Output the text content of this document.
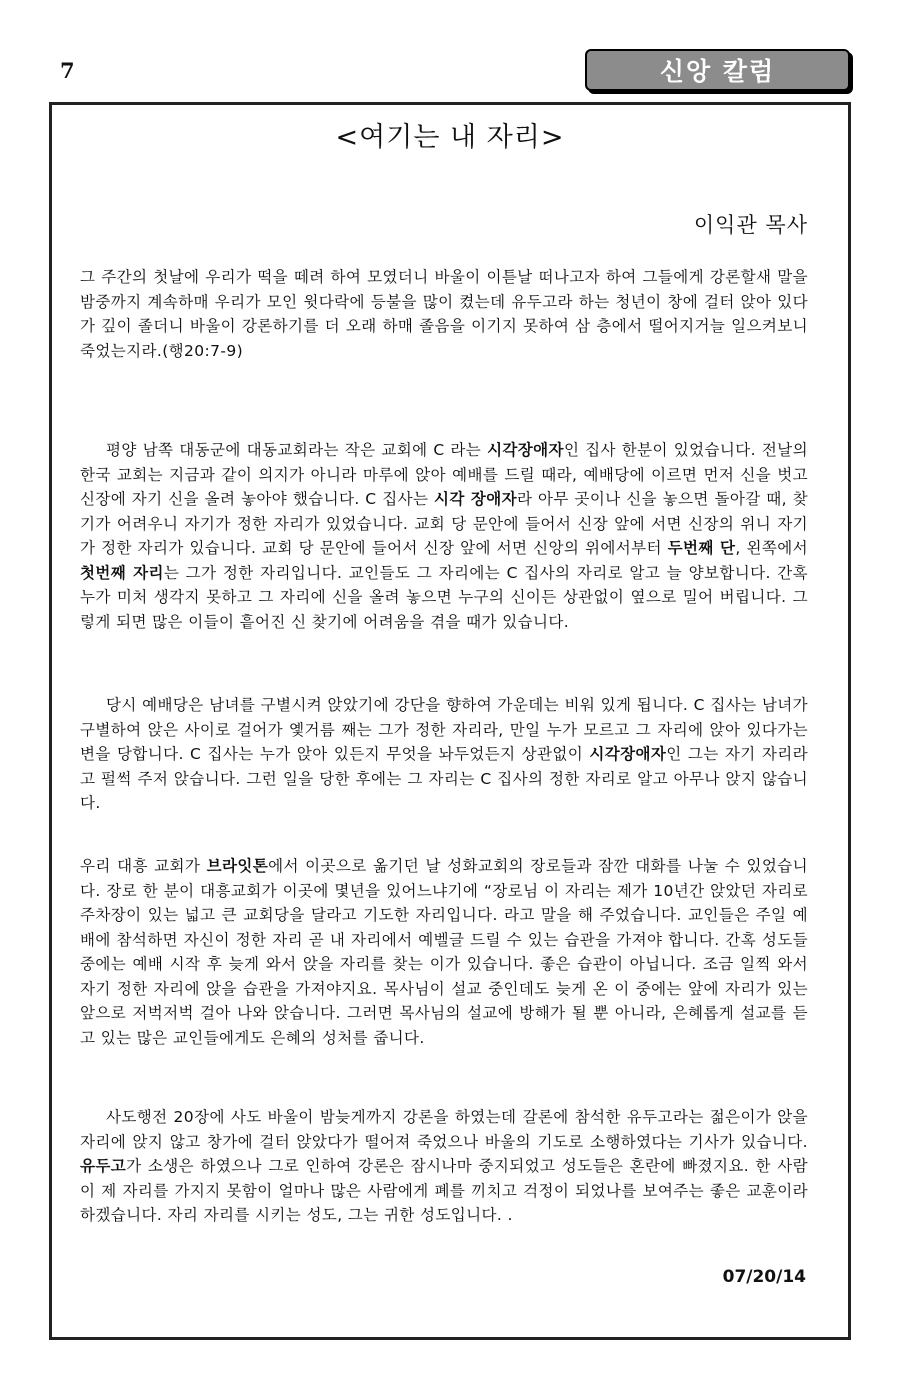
7	신앙 칼럼
<여기는 내 자리>
이익관 목사

그 주간의 첫날에 우리가 떡을 떼려 하여 모였더니 바울이 이튿날 떠나고자 하여 그들에게 강론할새 말을 밤중까지 계속하매 우리가 모인 윗다락에 등불을 많이 켰는데 유두고라 하는 청년이 창에 걸터 앉아 있다가 깊이 졸더니 바울이 강론하기를 더 오래 하매 졸음을 이기지 못하여 삼 층에서 떨어지거늘 일으켜보니 죽었는지라.(행20:7-9)

평양 남쪽 대동군에 대동교회라는 작은 교회에 C 라는 시각장애자인 집사 한분이 있었습니다. 전날의 한국 교회는 지금과 같이 의지가 아니라 마루에 앉아 예배를 드릴 때라, 예배당에 이르면 먼저 신을 벗고 신장에 자기 신을 올려 놓아야 했습니다. C 집사는 시각 장애자라 아무 곳이나 신을 놓으면 돌아갈 때, 찾기가 어려우니 자기가 정한 자리가 있었습니다. 교회 당 문안에 들어서 신장 앞에 서면 신장의 위니 자기가 정한 자리가 있습니다. 교회 당 문안에 들어서 신장 앞에 서면 신앙의 위에서부터 두번째 단, 왼쪽에서 첫번째 자리는 그가 정한 자리입니다. 교인들도 그 자리에는 C 집사의 자리로 알고 늘 양보합니다. 간혹 누가 미처 생각지 못하고 그 자리에 신을 올려 놓으면 누구의 신이든 상관없이 옆으로 밀어 버립니다. 그렇게 되면 많은 이들이 흩어진 신 찾기에 어려움을 겪을 때가 있습니다.

당시 예배당은 남녀를 구별시켜 앉았기에 강단을 향하여 가운데는 비워 있게 됩니다. C 집사는 남녀가 구별하여 앉은 사이로 걸어가 옟거름 째는 그가 정한 자리라, 만일 누가 모르고 그 자리에 앉아 있다가는 변을 당합니다. C 집사는 누가 앉아 있든지 무엇을 놔두었든지 상관없이 시각장애자인 그는 자기 자리라고 펄썩 주저 앉습니다. 그런 일을 당한 후에는 그 자리는 C 집사의 정한 자리로 알고 아무나 앉지 않습니다.

우리 대흥 교회가 브라잇톤에서 이곳으로 옮기던 날 성화교회의 장로들과 잠깐 대화를 나눌 수 있었습니다. 장로 한 분이 대흥교회가 이곳에 몇년을 있어느냐기에 “장로님 이 자리는 제가 10년간 앉았던 자리로 주차장이 있는 넓고 큰 교회당을 달라고 기도한 자리입니다. 라고 말을 해 주었습니다. 교인들은 주일 예배에 참석하면 자신이 정한 자리 곧 내 자리에서 예벨글 드릴 수 있는 습관을 가져야 합니다. 간혹 성도들 중에는 예배 시작 후 늦게 와서 앉을 자리를 찾는 이가 있습니다. 좋은 습관이 아닙니다. 조금 일찍 와서 자기 정한 자리에 앉을 습관을 가져야지요. 목사님이 설교 중인데도 늦게 온 이 중에는 앞에 자리가 있는 앞으로 저벅저벅 걸아 나와 앉습니다. 그러면 목사님의 설교에 방해가 될 뿐 아니라, 은혜롭게 설교를 듣고 있는 많은 교인들에게도 은혜의 성처를 줍니다.

사도행전 20장에 사도 바울이 밤늦게까지 강론을 하였는데 갈론에 참석한 유두고라는 젊은이가 앉을 자리에 앉지 않고 창가에 걸터 앉았다가 떨어져 죽었으나 바울의 기도로 소행하였다는 기사가 있습니다. 유두고가 소생은 하였으나 그로 인하여 강론은 잠시나마 중지되었고 성도들은 혼란에 빠졌지요. 한 사람이 제 자리를 가지지 못함이 얼마나 많은 사람에게 폐를 끼치고 걱정이 되었나를 보여주는 좋은 교훈이라 하겠습니다. 자리 자리를 시키는 성도, 그는 귀한 성도입니다. .

07/20/14
